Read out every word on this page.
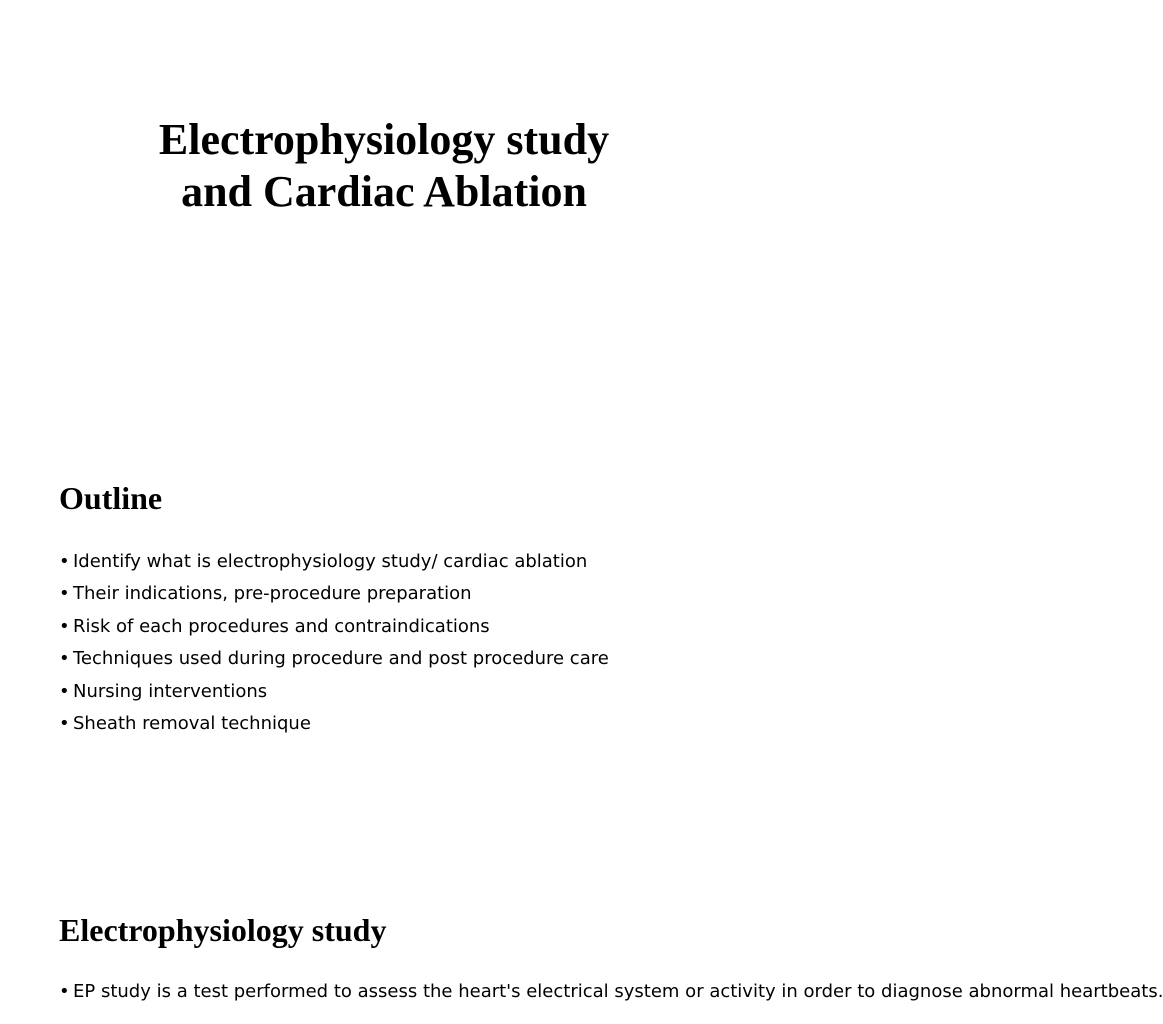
Electrophysiology study
and Cardiac Ablation
Outline
• Identify what is electrophysiology study/ cardiac ablation
• Their indications, pre-procedure preparation
• Risk of each procedures and contraindications
• Techniques used during procedure and post procedure care
• Nursing interventions
• Sheath removal technique
Electrophysiology study
• EP study is a test performed to assess the heart's electrical system or activity in order to diagnose abnormal heartbeats.
